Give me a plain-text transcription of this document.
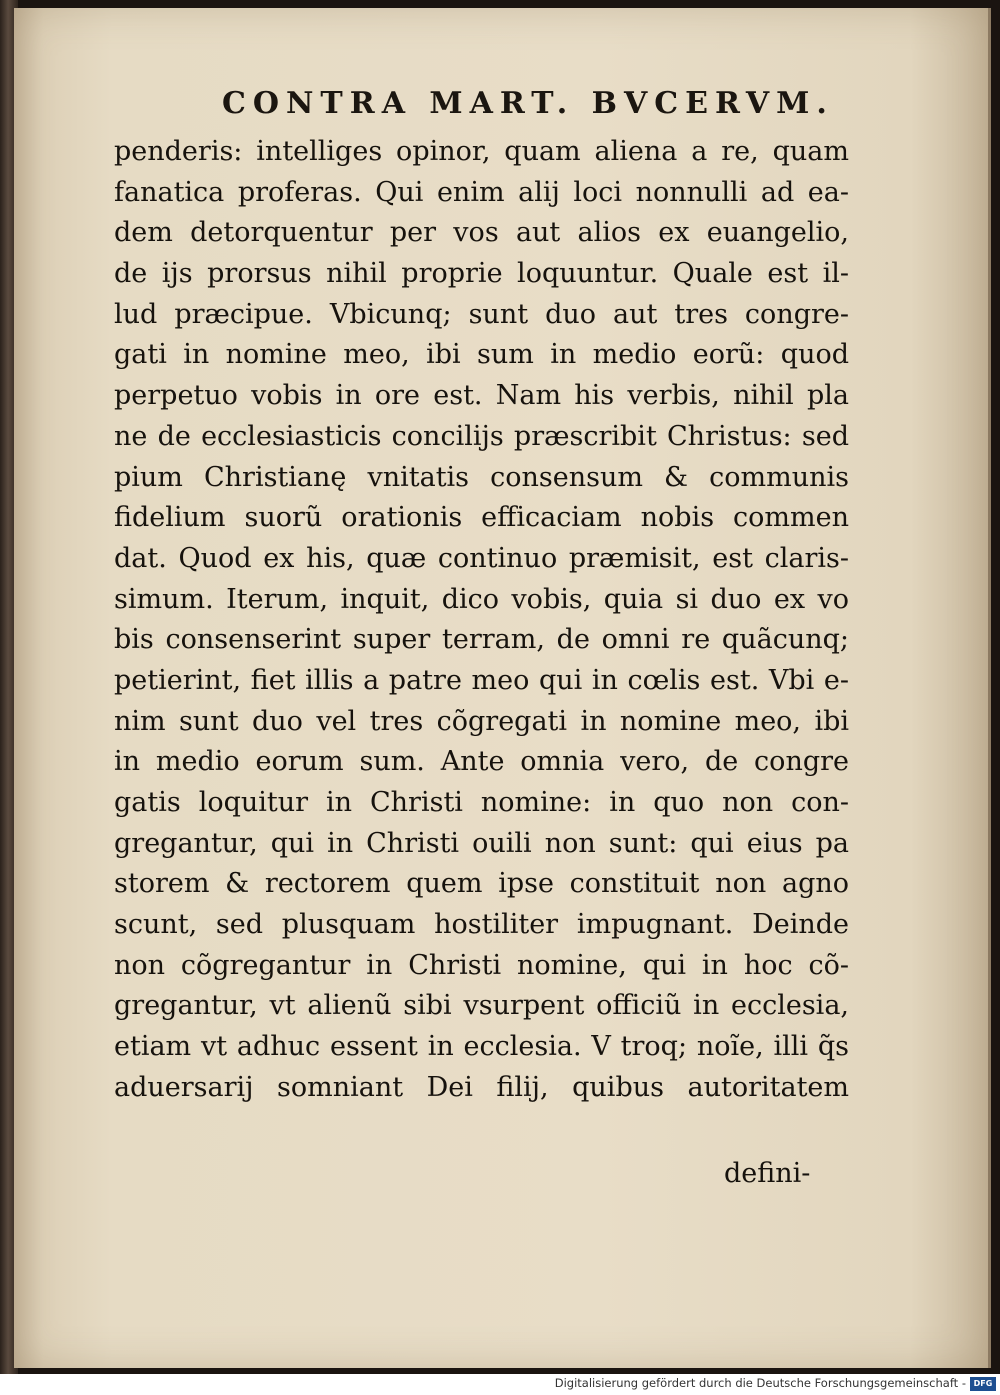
CONTRA MART. BVCERVM.
penderis: intelliges opinor, quam aliena a re, quam
fanatica proferas. Qui enim alij loci nonnulli ad ea-
dem detorquentur per vos aut alios ex euangelio,
de ijs prorsus nihil proprie loquuntur. Quale est il-
lud præcipue. Vbicunq; sunt duo aut tres congre-
gati in nomine meo, ibi sum in medio eorũ: quod
perpetuo vobis in ore est. Nam his verbis, nihil pla
ne de ecclesiasticis concilijs præscribit Christus: sed
pium Christianę vnitatis consensum & communis
fidelium suorũ orationis efficaciam nobis commen
dat. Quod ex his, quæ continuo præmisit, est claris-
simum. Iterum, inquit, dico vobis, quia si duo ex vo
bis consenserint super terram, de omni re quãcunq;
petierint, fiet illis a patre meo qui in cœlis est. Vbi e-
nim sunt duo vel tres cõgregati in nomine meo, ibi
in medio eorum sum. Ante omnia vero, de congre
gatis loquitur in Christi nomine: in quo non con-
gregantur, qui in Christi ouili non sunt: qui eius pa
storem & rectorem quem ipse constituit non agno
scunt, sed plusquam hostiliter impugnant. Deinde
non cõgregantur in Christi nomine, qui in hoc cõ-
gregantur, vt alienũ sibi vsurpent officiũ in ecclesia,
etiam vt adhuc essent in ecclesia. V troq; noĩe, illi q̃s
aduersarij somniant Dei filij, quibus autoritatem
defini-
Digitalisierung gefördert durch die Deutsche Forschungsgemeinschaft - DFG
